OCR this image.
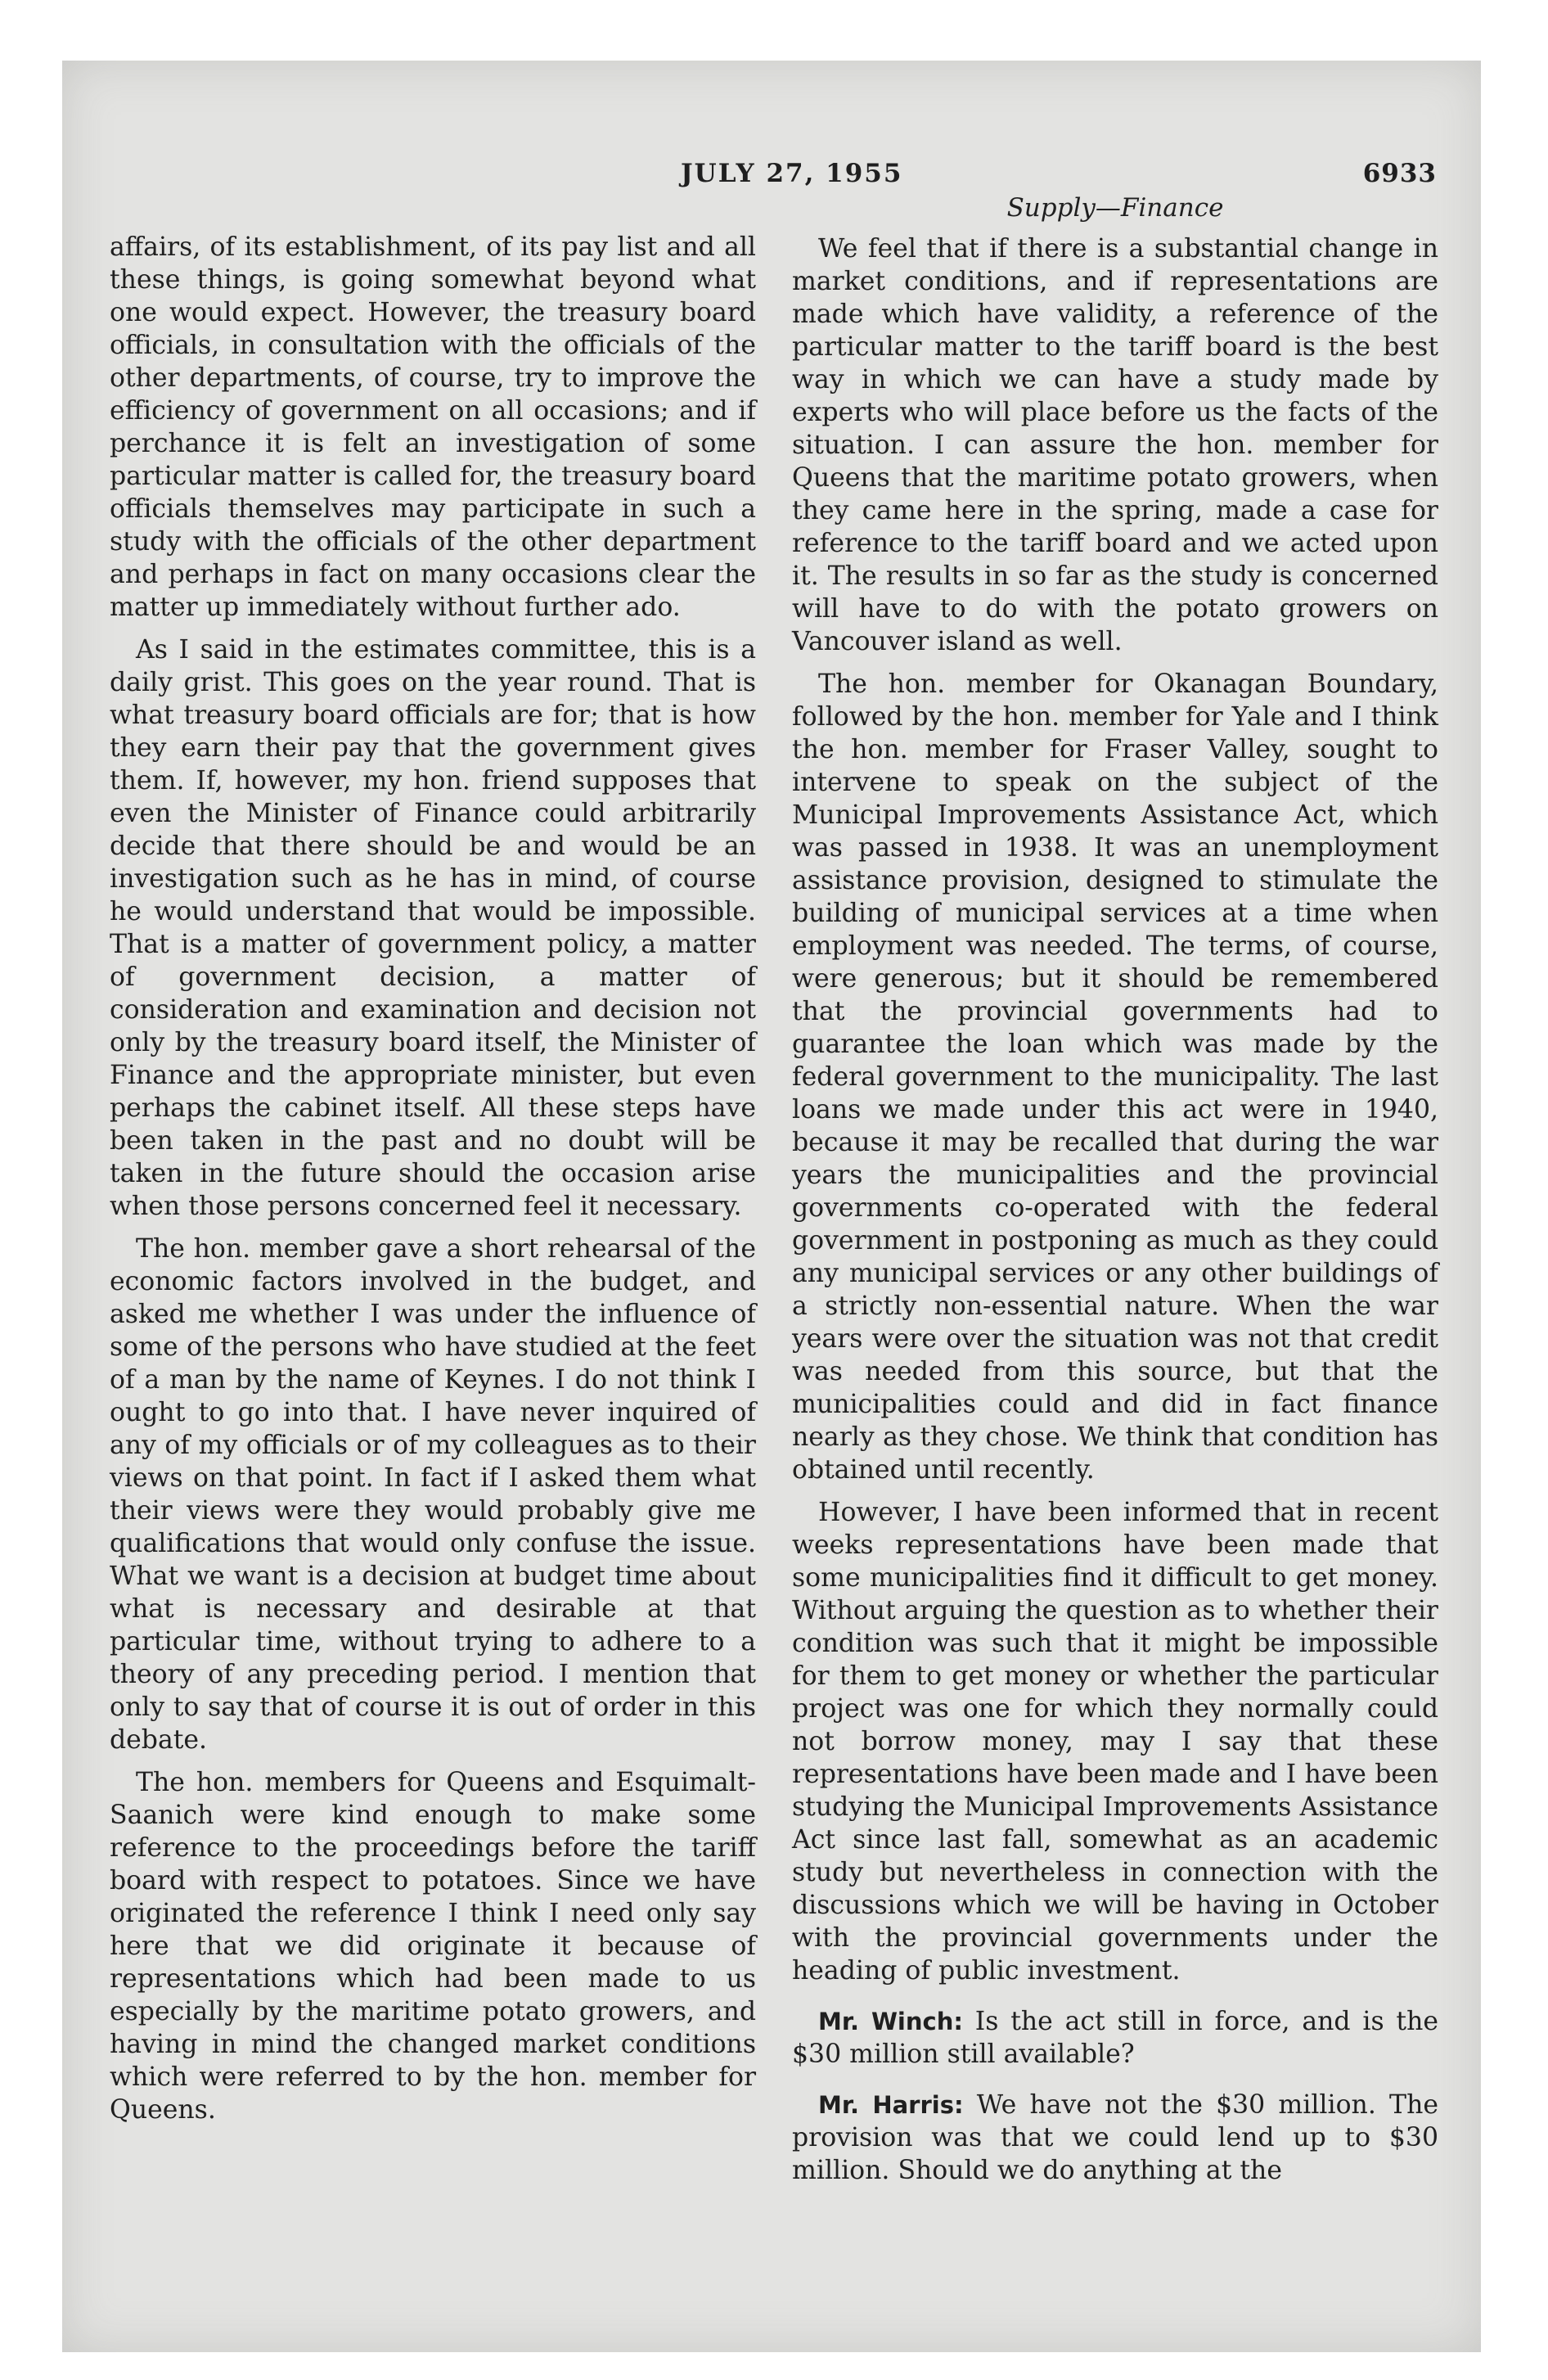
JULY 27, 1955	6933

affairs, of its establishment, of its pay list and all these things, is going somewhat beyond what one would expect. However, the treasury board officials, in consultation with the officials of the other departments, of course, try to improve the efficiency of government on all occasions; and if perchance it is felt an investigation of some particular matter is called for, the treasury board officials themselves may participate in such a study with the officials of the other department and perhaps in fact on many occasions clear the matter up immediately without further ado.

As I said in the estimates committee, this is a daily grist. This goes on the year round. That is what treasury board officials are for; that is how they earn their pay that the government gives them. If, however, my hon. friend supposes that even the Minister of Finance could arbitrarily decide that there should be and would be an investigation such as he has in mind, of course he would understand that would be impossible. That is a matter of government policy, a matter of government decision, a matter of consideration and examination and decision not only by the treasury board itself, the Minister of Finance and the appropriate minister, but even perhaps the cabinet itself. All these steps have been taken in the past and no doubt will be taken in the future should the occasion arise when those persons concerned feel it necessary.

The hon. member gave a short rehearsal of the economic factors involved in the budget, and asked me whether I was under the influence of some of the persons who have studied at the feet of a man by the name of Keynes. I do not think I ought to go into that. I have never inquired of any of my officials or of my colleagues as to their views on that point. In fact if I asked them what their views were they would probably give me qualifications that would only confuse the issue. What we want is a decision at budget time about what is necessary and desirable at that particular time, without trying to adhere to a theory of any preceding period. I mention that only to say that of course it is out of order in this debate.

The hon. members for Queens and Esquimalt-Saanich were kind enough to make some reference to the proceedings before the tariff board with respect to potatoes. Since we have originated the reference I think I need only say here that we did originate it because of representations which had been made to us especially by the maritime potato growers, and having in mind the changed market conditions which were referred to by the hon. member for Queens.

Supply—Finance

We feel that if there is a substantial change in market conditions, and if representations are made which have validity, a reference of the particular matter to the tariff board is the best way in which we can have a study made by experts who will place before us the facts of the situation. I can assure the hon. member for Queens that the maritime potato growers, when they came here in the spring, made a case for reference to the tariff board and we acted upon it. The results in so far as the study is concerned will have to do with the potato growers on Vancouver island as well.

The hon. member for Okanagan Boundary, followed by the hon. member for Yale and I think the hon. member for Fraser Valley, sought to intervene to speak on the subject of the Municipal Improvements Assistance Act, which was passed in 1938. It was an unemployment assistance provision, designed to stimulate the building of municipal services at a time when employment was needed. The terms, of course, were generous; but it should be remembered that the provincial governments had to guarantee the loan which was made by the federal government to the municipality. The last loans we made under this act were in 1940, because it may be recalled that during the war years the municipalities and the provincial governments co-operated with the federal government in postponing as much as they could any municipal services or any other buildings of a strictly non-essential nature. When the war years were over the situation was not that credit was needed from this source, but that the municipalities could and did in fact finance nearly as they chose. We think that condition has obtained until recently.

However, I have been informed that in recent weeks representations have been made that some municipalities find it difficult to get money. Without arguing the question as to whether their condition was such that it might be impossible for them to get money or whether the particular project was one for which they normally could not borrow money, may I say that these representations have been made and I have been studying the Municipal Improvements Assistance Act since last fall, somewhat as an academic study but nevertheless in connection with the discussions which we will be having in October with the provincial governments under the heading of public investment.

Mr. Winch: Is the act still in force, and is the $30 million still available?

Mr. Harris: We have not the $30 million. The provision was that we could lend up to $30 million. Should we do anything at the
